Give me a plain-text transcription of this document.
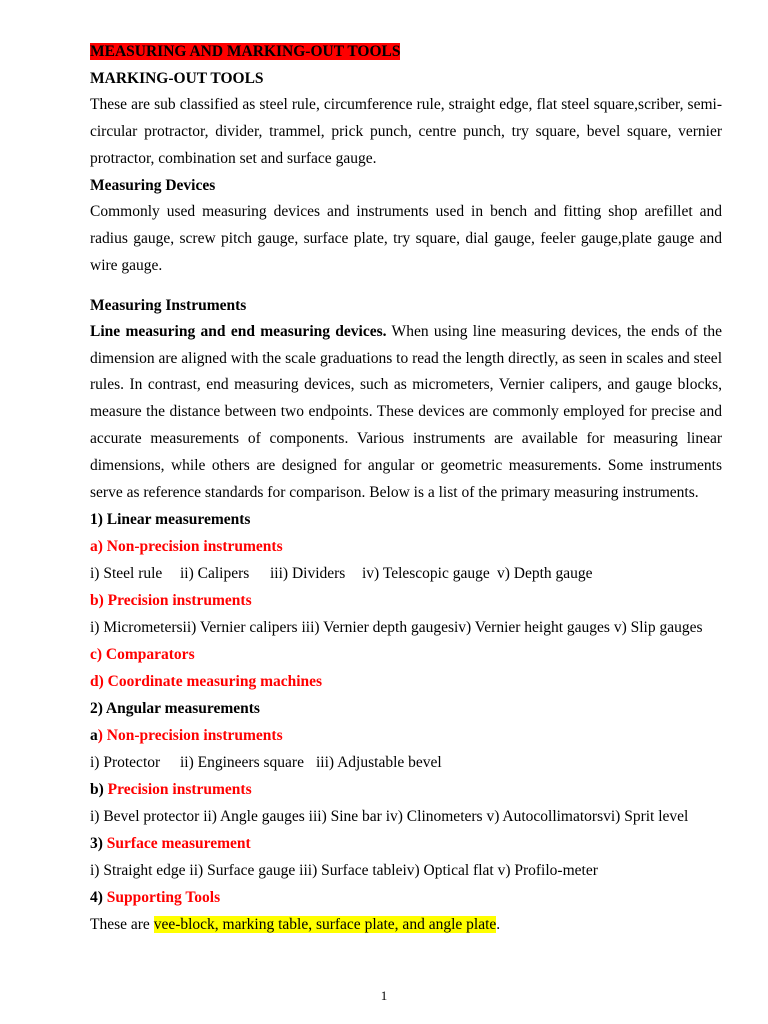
MEASURING AND MARKING-OUT TOOLS

MARKING-OUT TOOLS

These are sub classified as steel rule, circumference rule, straight edge, flat steel square,scriber, semi-circular protractor, divider, trammel, prick punch, centre punch, try square, bevel square, vernier protractor, combination set and surface gauge.

Measuring Devices

Commonly used measuring devices and instruments used in bench and fitting shop arefillet and radius gauge, screw pitch gauge, surface plate, try square, dial gauge, feeler gauge,plate gauge and wire gauge.

Measuring Instruments

Line measuring and end measuring devices. When using line measuring devices, the ends of the dimension are aligned with the scale graduations to read the length directly, as seen in scales and steel rules. In contrast, end measuring devices, such as micrometers, Vernier calipers, and gauge blocks, measure the distance between two endpoints. These devices are commonly employed for precise and accurate measurements of components. Various instruments are available for measuring linear dimensions, while others are designed for angular or geometric measurements. Some instruments serve as reference standards for comparison. Below is a list of the primary measuring instruments.

1) Linear measurements

a) Non-precision instruments

i) Steel rule ii) Calipers iii) Dividers iv) Telescopic gauge v) Depth gauge

b) Precision instruments

i) Micrometersii) Vernier calipers iii) Vernier depth gaugesiv) Vernier height gauges v) Slip gauges

c) Comparators

d) Coordinate measuring machines

2) Angular measurements

a) Non-precision instruments

i) Protector ii) Engineers square iii) Adjustable bevel

b) Precision instruments

i) Bevel protector ii) Angle gauges iii) Sine bar iv) Clinometers v) Autocollimatorsvi) Sprit level

3) Surface measurement

i) Straight edge ii) Surface gauge iii) Surface tableiv) Optical flat v) Profilo-meter

4) Supporting Tools

These are vee-block, marking table, surface plate, and angle plate.

1
